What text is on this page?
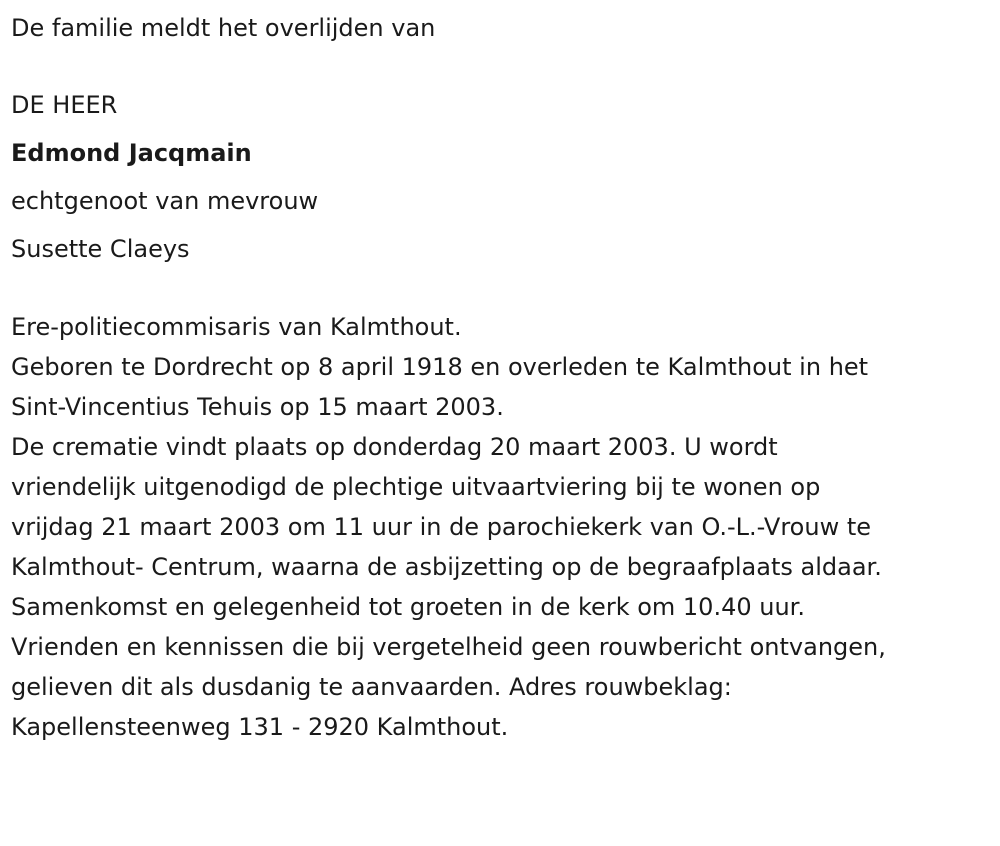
De familie meldt het overlijden van

DE HEER

Edmond Jacqmain

echtgenoot van mevrouw

Susette Claeys

Ere-politiecommisaris van Kalmthout.

Geboren te Dordrecht op 8 april 1918 en overleden te Kalmthout in het
Sint-Vincentius Tehuis op 15 maart 2003.

De crematie vindt plaats op donderdag 20 maart 2003. U wordt
vriendelijk uitgenodigd de plechtige uitvaartviering bij te wonen op
vrijdag 21 maart 2003 om 11 uur in de parochiekerk van O.-L.-Vrouw te
Kalmthout- Centrum, waarna de asbijzetting op de begraafplaats aldaar.
Samenkomst en gelegenheid tot groeten in de kerk om 10.40 uur.
Vrienden en kennissen die bij vergetelheid geen rouwbericht ontvangen,
gelieven dit als dusdanig te aanvaarden. Adres rouwbeklag:
Kapellensteenweg 131 - 2920 Kalmthout.
